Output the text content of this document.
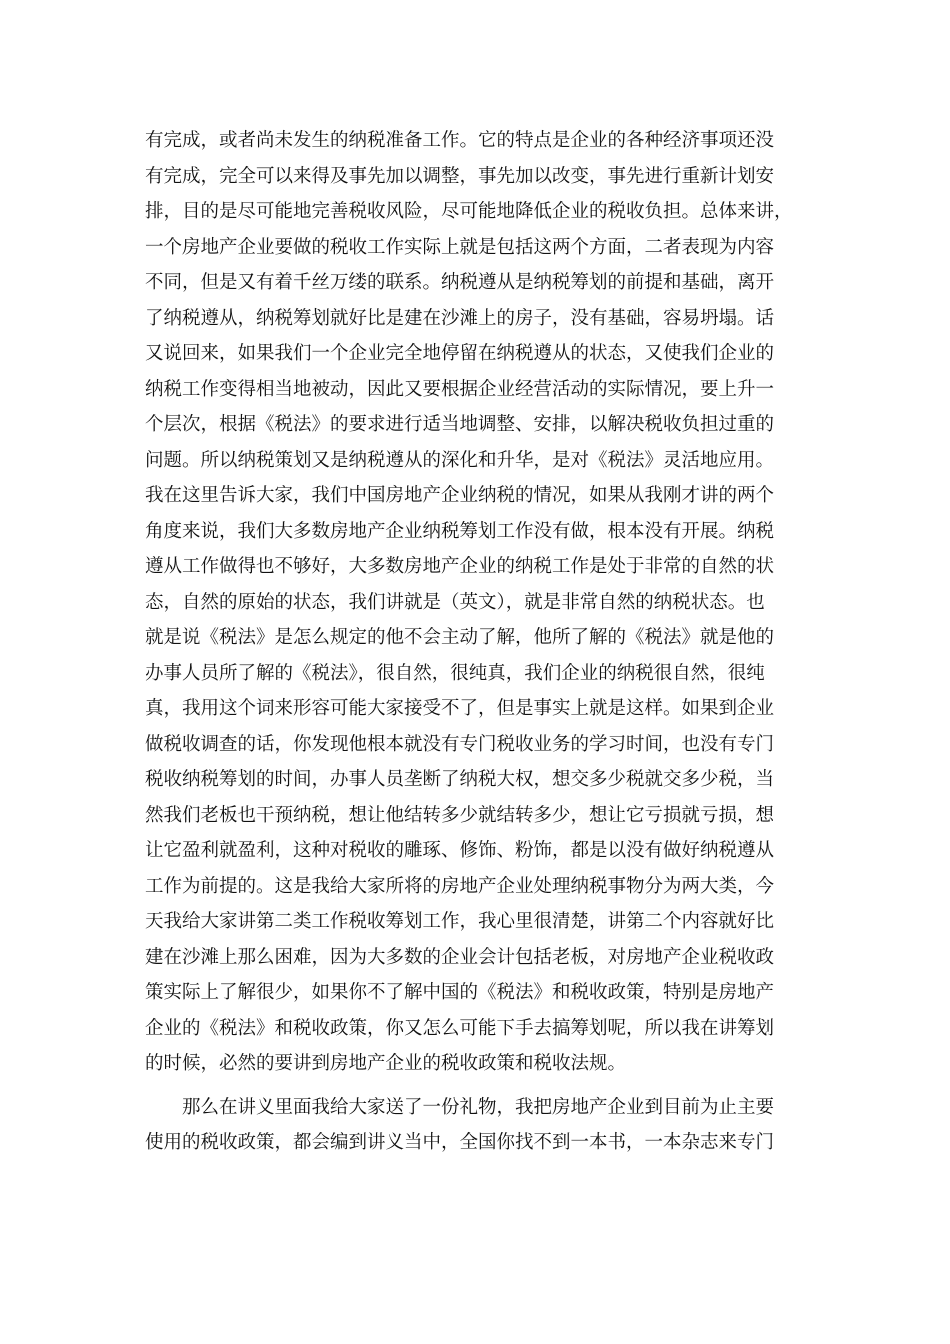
有完成，或者尚未发生的纳税准备工作。它的特点是企业的各种经济事项还没
有完成，完全可以来得及事先加以调整，事先加以改变，事先进行重新计划安
排，目的是尽可能地完善税收风险，尽可能地降低企业的税收负担。总体来讲，
一个房地产企业要做的税收工作实际上就是包括这两个方面，二者表现为内容
不同，但是又有着千丝万缕的联系。纳税遵从是纳税筹划的前提和基础，离开
了纳税遵从，纳税筹划就好比是建在沙滩上的房子，没有基础，容易坍塌。话
又说回来，如果我们一个企业完全地停留在纳税遵从的状态，又使我们企业的
纳税工作变得相当地被动，因此又要根据企业经营活动的实际情况，要上升一
个层次，根据《税法》的要求进行适当地调整、安排，以解决税收负担过重的
问题。所以纳税策划又是纳税遵从的深化和升华，是对《税法》灵活地应用。
我在这里告诉大家，我们中国房地产企业纳税的情况，如果从我刚才讲的两个
角度来说，我们大多数房地产企业纳税筹划工作没有做，根本没有开展。纳税
遵从工作做得也不够好，大多数房地产企业的纳税工作是处于非常的自然的状
态，自然的原始的状态，我们讲就是（英文），就是非常自然的纳税状态。也
就是说《税法》是怎么规定的他不会主动了解，他所了解的《税法》就是他的
办事人员所了解的《税法》，很自然，很纯真，我们企业的纳税很自然，很纯
真，我用这个词来形容可能大家接受不了，但是事实上就是这样。如果到企业
做税收调查的话，你发现他根本就没有专门税收业务的学习时间，也没有专门
税收纳税筹划的时间，办事人员垄断了纳税大权，想交多少税就交多少税，当
然我们老板也干预纳税，想让他结转多少就结转多少，想让它亏损就亏损，想
让它盈利就盈利，这种对税收的雕琢、修饰、粉饰，都是以没有做好纳税遵从
工作为前提的。这是我给大家所将的房地产企业处理纳税事物分为两大类，今
天我给大家讲第二类工作税收筹划工作，我心里很清楚，讲第二个内容就好比
建在沙滩上那么困难，因为大多数的企业会计包括老板，对房地产企业税收政
策实际上了解很少，如果你不了解中国的《税法》和税收政策，特别是房地产
企业的《税法》和税收政策，你又怎么可能下手去搞筹划呢，所以我在讲筹划
的时候，必然的要讲到房地产企业的税收政策和税收法规。
那么在讲义里面我给大家送了一份礼物，我把房地产企业到目前为止主要
使用的税收政策，都会编到讲义当中，全国你找不到一本书，一本杂志来专门
